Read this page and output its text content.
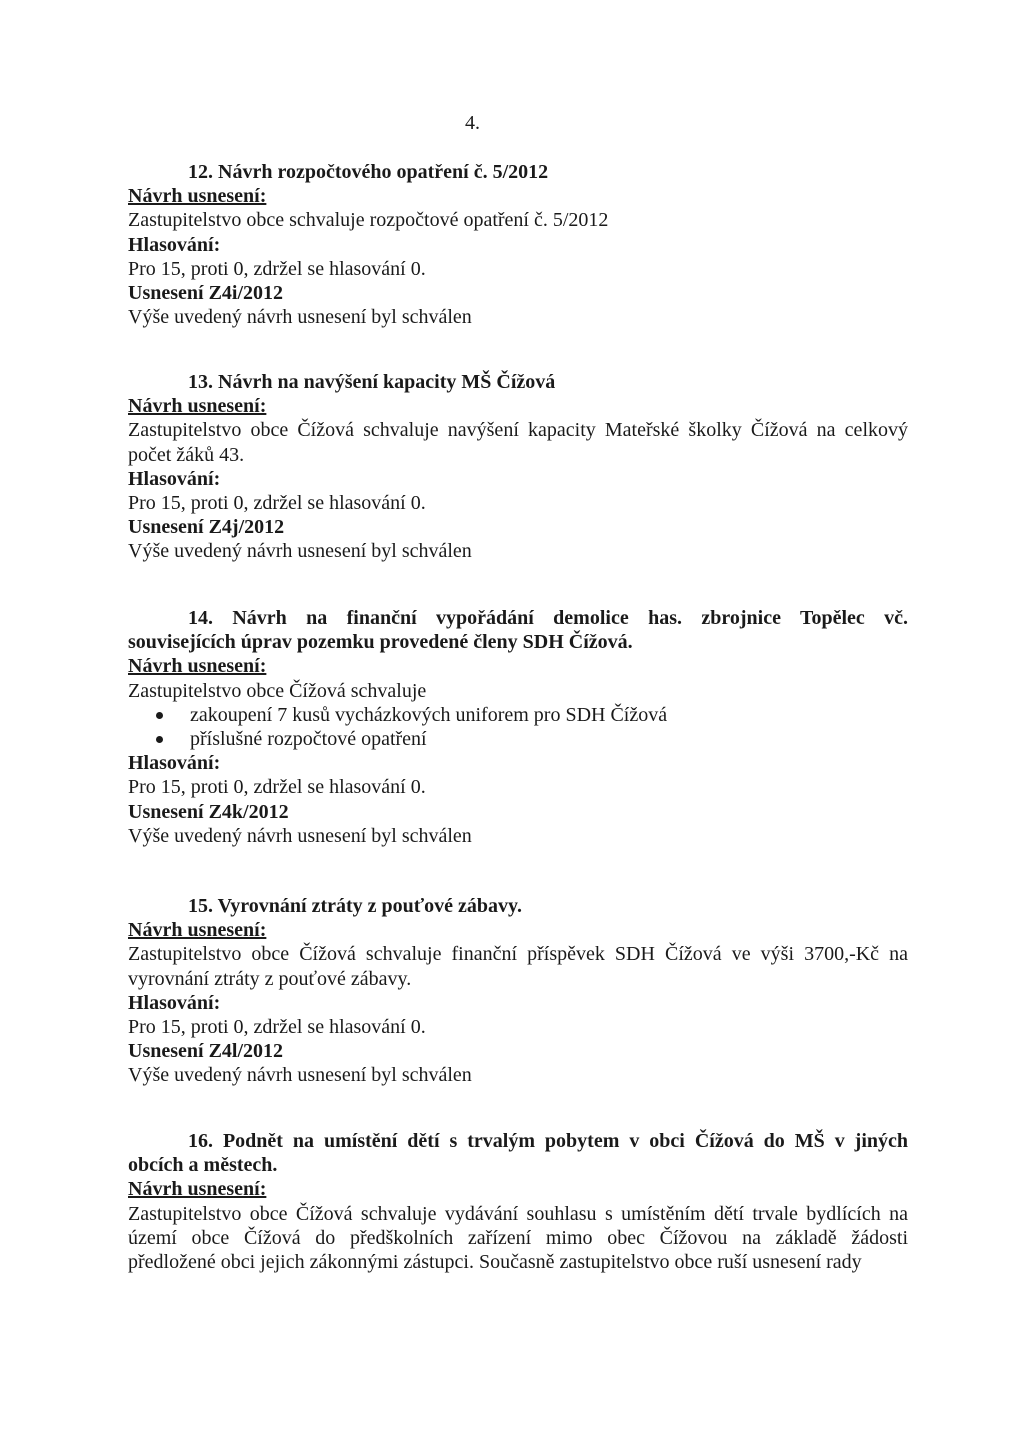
4.
12. Návrh rozpočtového opatření č. 5/2012
Návrh usnesení:
Zastupitelstvo obce schvaluje rozpočtové opatření č. 5/2012
Hlasování:
Pro 15, proti 0, zdržel se hlasování 0.
Usnesení Z4i/2012
Výše uvedený návrh usnesení byl schválen
13. Návrh na navýšení kapacity MŠ Čížová
Návrh usnesení:
Zastupitelstvo obce Čížová schvaluje navýšení kapacity Mateřské školky Čížová na celkový
počet žáků 43.
Hlasování:
Pro 15, proti 0, zdržel se hlasování 0.
Usnesení Z4j/2012
Výše uvedený návrh usnesení byl schválen
14. Návrh na finanční vypořádání demolice has. zbrojnice Topělec vč.
souvisejících úprav pozemku provedené členy SDH Čížová.
Návrh usnesení:
Zastupitelstvo obce Čížová schvaluje
zakoupení 7 kusů vycházkových uniforem pro SDH Čížová
příslušné rozpočtové opatření
Hlasování:
Pro 15, proti 0, zdržel se hlasování 0.
Usnesení Z4k/2012
Výše uvedený návrh usnesení byl schválen
15. Vyrovnání ztráty z pouťové zábavy.
Návrh usnesení:
Zastupitelstvo obce Čížová schvaluje finanční příspěvek SDH Čížová ve výši 3700,-Kč na
vyrovnání ztráty z pouťové zábavy.
Hlasování:
Pro 15, proti 0, zdržel se hlasování 0.
Usnesení Z4l/2012
Výše uvedený návrh usnesení byl schválen
16. Podnět na umístění dětí s trvalým pobytem v obci Čížová do MŠ v jiných
obcích a městech.
Návrh usnesení:
Zastupitelstvo obce Čížová schvaluje vydávání souhlasu s umístěním dětí trvale bydlících na
území obce Čížová do předškolních zařízení mimo obec Čížovou na základě žádosti
předložené obci jejich zákonnými zástupci. Současně zastupitelstvo obce ruší usnesení rady
